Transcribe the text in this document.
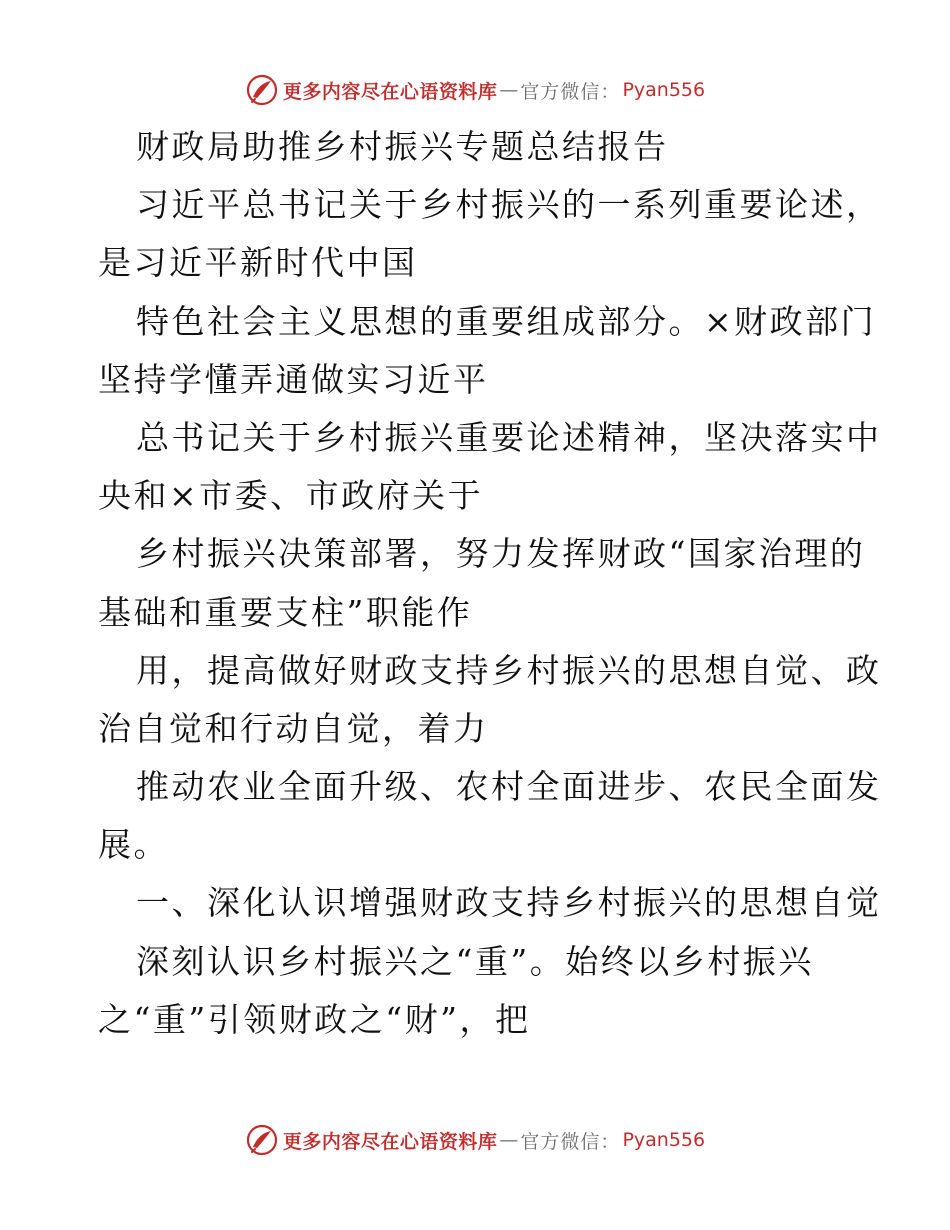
更多内容尽在心语资料库 — 官方微信： Pyan556
财政局助推乡村振兴专题总结报告
习近平总书记关于乡村振兴的一系列重要论述，
是习近平新时代中国
特色社会主义思想的重要组成部分。×财政部门
坚持学懂弄通做实习近平
总书记关于乡村振兴重要论述精神，坚决落实中
央和×市委、市政府关于
乡村振兴决策部署，努力发挥财政“国家治理的
基础和重要支柱”职能作
用，提高做好财政支持乡村振兴的思想自觉、政
治自觉和行动自觉，着力
推动农业全面升级、农村全面进步、农民全面发
展。
一、深化认识增强财政支持乡村振兴的思想自觉
深刻认识乡村振兴之“重”。始终以乡村振兴
之“重”引领财政之“财”，把
更多内容尽在心语资料库 — 官方微信： Pyan556
